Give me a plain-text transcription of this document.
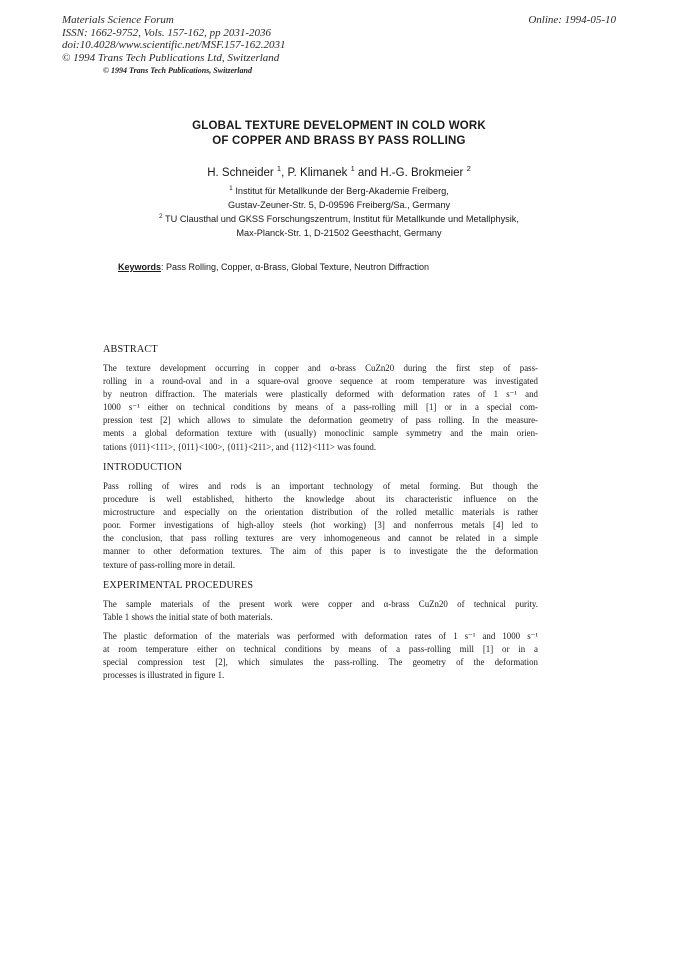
Materials Science Forum
ISSN: 1662-9752, Vols. 157-162, pp 2031-2036
doi:10.4028/www.scientific.net/MSF.157-162.2031
© 1994 Trans Tech Publications Ltd, Switzerland
Online: 1994-05-10
© 1994 Trans Tech Publications, Switzerland
GLOBAL TEXTURE DEVELOPMENT IN COLD WORK
OF COPPER AND BRASS BY PASS ROLLING
H. Schneider $^1$, P. Klimanek $^1$ and H.-G. Brokmeier $^2$
$^1$ Institut für Metallkunde der Berg-Akademie Freiberg,
Gustav-Zeuner-Str. 5, D-09596 Freiberg/Sa., Germany
$^2$ TU Clausthal und GKSS Forschungszentrum, Institut für Metallkunde und Metallphysik,
Max-Planck-Str. 1, D-21502 Geesthacht, Germany
Keywords: Pass Rolling, Copper, α-Brass, Global Texture, Neutron Diffraction
ABSTRACT
The texture development occurring in copper and α-brass CuZn20 during the first step of pass-
rolling in a round-oval and in a square-oval groove sequence at room temperature was investigated
by neutron diffraction. The materials were plastically deformed with deformation rates of 1 s⁻¹ and
1000 s⁻¹ either on technical conditions by means of a pass-rolling mill [1] or in a special com-
pression test [2] which allows to simulate the deformation geometry of pass rolling. In the measure-
ments a global deformation texture with (usually) monoclinic sample symmetry and the main orien-
tations {011}<111>, {011}<100>, {011}<211>, and {112}<111> was found.
INTRODUCTION
Pass rolling of wires and rods is an important technology of metal forming. But though the
procedure is well established, hitherto the knowledge about its characteristic influence on the
microstructure and especially on the orientation distribution of the rolled metallic materials is rather
poor. Former investigations of high-alloy steels (hot working) [3] and nonferrous metals [4] led to
the conclusion, that pass rolling textures are very inhomogeneous and cannot be related in a simple
manner to other deformation textures. The aim of this paper is to investigate the the deformation
texture of pass-rolling more in detail.
EXPERIMENTAL PROCEDURES
The sample materials of the present work were copper and α-brass CuZn20 of technical purity.
Table 1 shows the initial state of both materials.
The plastic deformation of the materials was performed with deformation rates of 1 s⁻¹ and 1000 s⁻¹
at room temperature either on technical conditions by means of a pass-rolling mill [1] or in a
special compression test [2], which simulates the pass-rolling. The geometry of the deformation
processes is illustrated in figure 1.
